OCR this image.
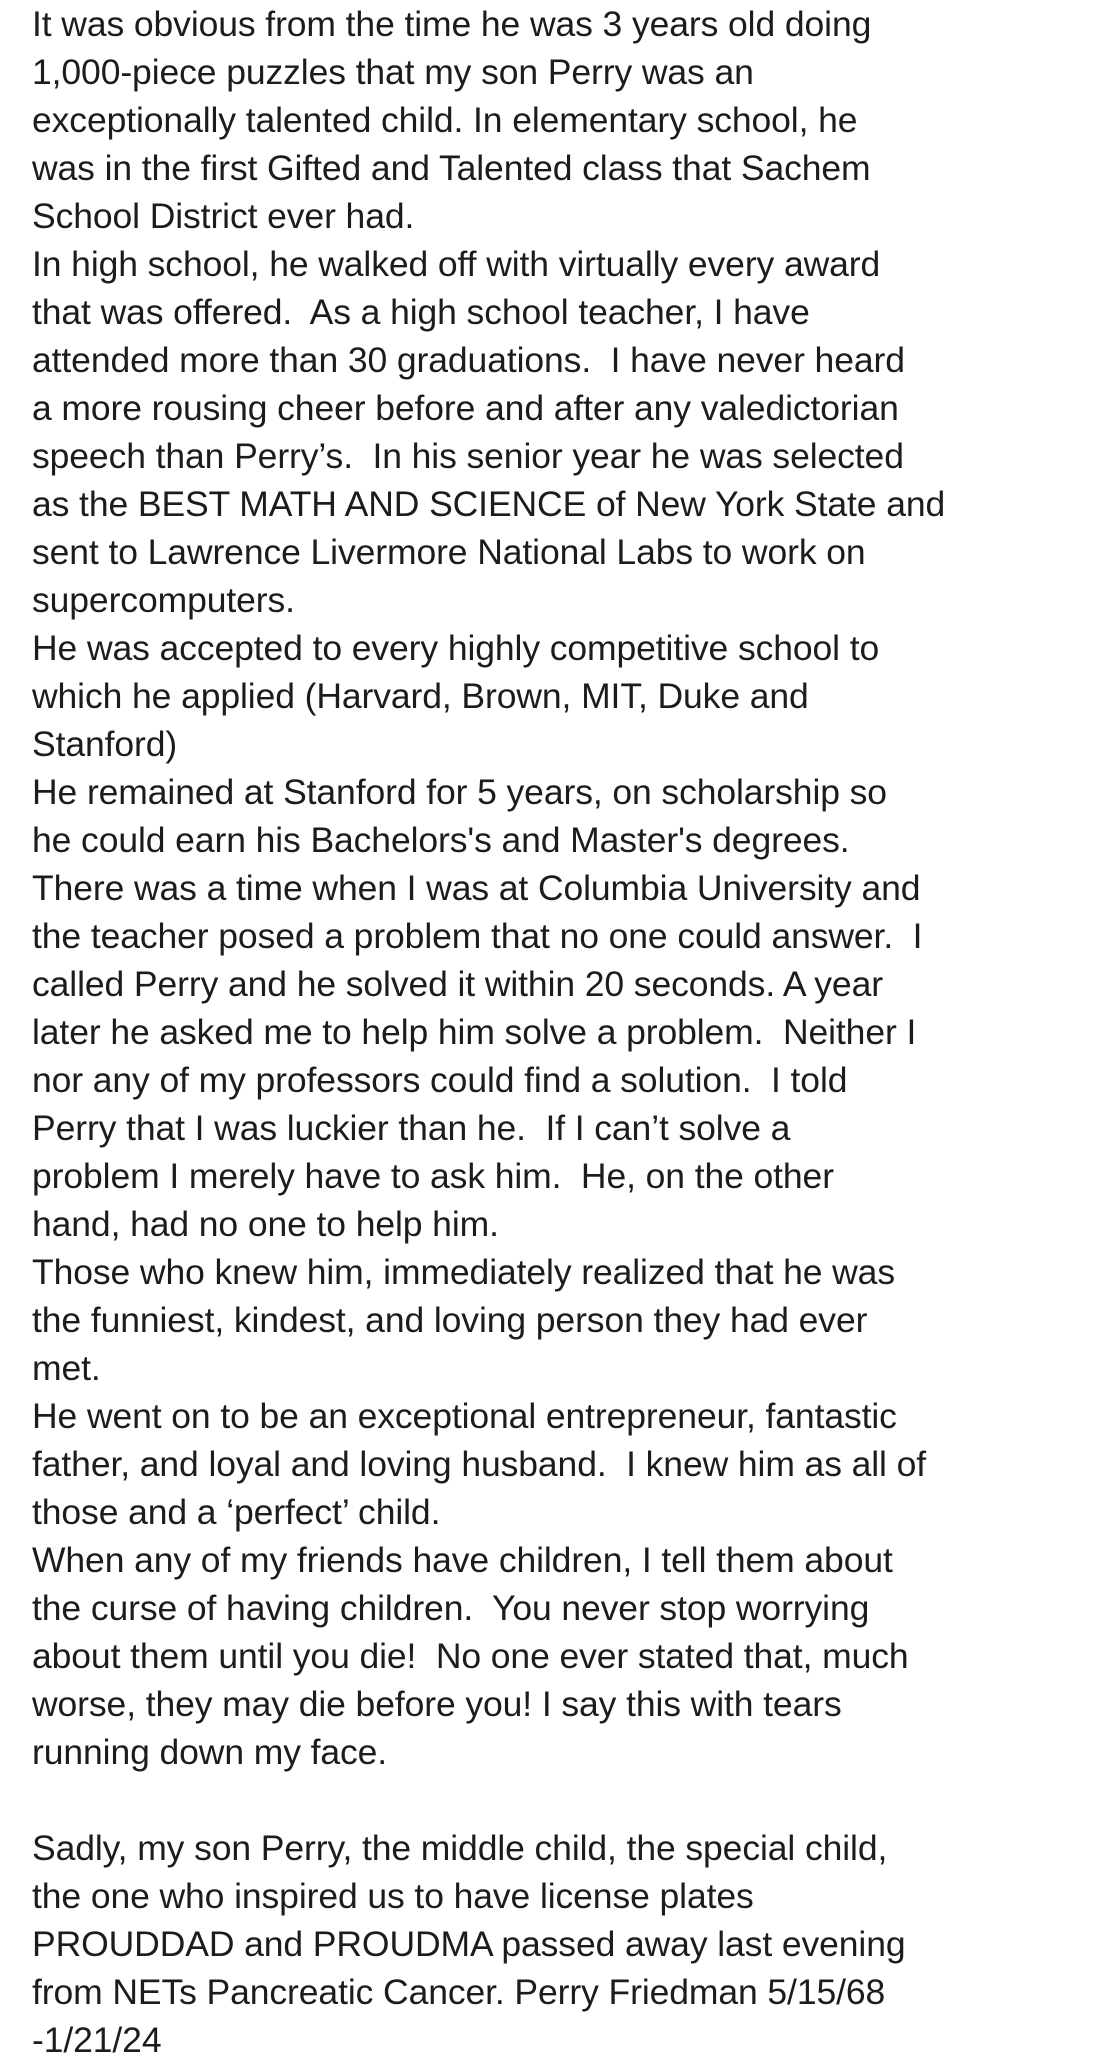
It was obvious from the time he was 3 years old doing
1,000-piece puzzles that my son Perry was an
exceptionally talented child. In elementary school, he
was in the first Gifted and Talented class that Sachem
School District ever had.
In high school, he walked off with virtually every award
that was offered.  As a high school teacher, I have
attended more than 30 graduations.  I have never heard
a more rousing cheer before and after any valedictorian
speech than Perry’s.  In his senior year he was selected
as the BEST MATH AND SCIENCE of New York State and
sent to Lawrence Livermore National Labs to work on
supercomputers.
He was accepted to every highly competitive school to
which he applied (Harvard, Brown, MIT, Duke and
Stanford)
He remained at Stanford for 5 years, on scholarship so
he could earn his Bachelors's and Master's degrees.
There was a time when I was at Columbia University and
the teacher posed a problem that no one could answer.  I
called Perry and he solved it within 20 seconds. A year
later he asked me to help him solve a problem.  Neither I
nor any of my professors could find a solution.  I told
Perry that I was luckier than he.  If I can’t solve a
problem I merely have to ask him.  He, on the other
hand, had no one to help him.
Those who knew him, immediately realized that he was
the funniest, kindest, and loving person they had ever
met.
He went on to be an exceptional entrepreneur, fantastic
father, and loyal and loving husband.  I knew him as all of
those and a ‘perfect’ child.
When any of my friends have children, I tell them about
the curse of having children.  You never stop worrying
about them until you die!  No one ever stated that, much
worse, they may die before you! I say this with tears
running down my face.
Sadly, my son Perry, the middle child, the special child,
the one who inspired us to have license plates
PROUDDAD and PROUDMA passed away last evening
from NETs Pancreatic Cancer. Perry Friedman 5/15/68
-1/21/24
